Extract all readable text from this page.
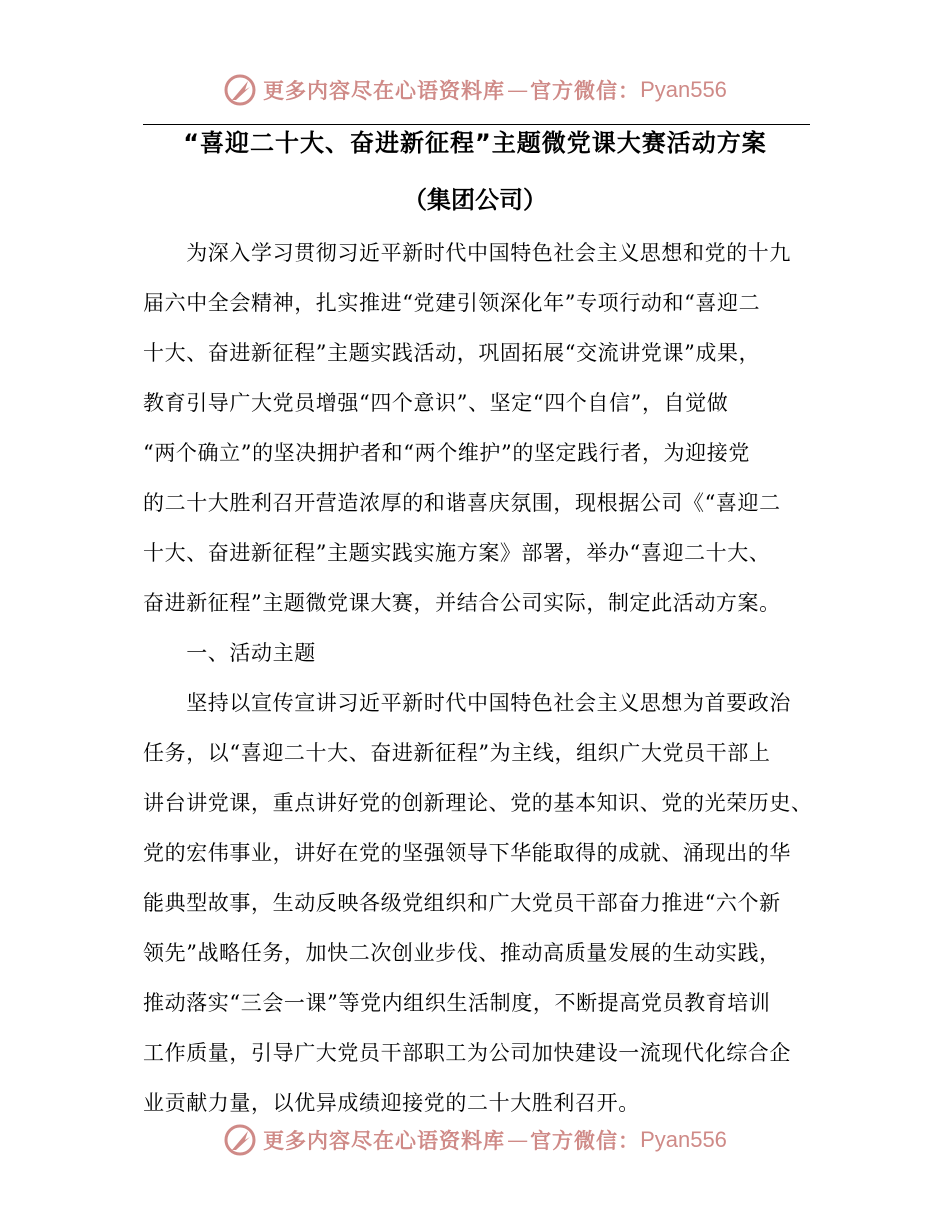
更多内容尽在心语资料库 — 官方微信： Pyan556
“喜迎二十大、奋进新征程”主题微党课大赛活动方案
（集团公司）
　　为深入学习贯彻习近平新时代中国特色社会主义思想和党的十九
届六中全会精神，扎实推进“党建引领深化年”专项行动和“喜迎二
十大、奋进新征程”主题实践活动，巩固拓展“交流讲党课”成果，
教育引导广大党员增强“四个意识”、坚定“四个自信”，自觉做
“两个确立”的坚决拥护者和“两个维护”的坚定践行者，为迎接党
的二十大胜利召开营造浓厚的和谐喜庆氛围，现根据公司《“喜迎二
十大、奋进新征程”主题实践实施方案》部署，举办“喜迎二十大、
奋进新征程”主题微党课大赛，并结合公司实际，制定此活动方案。
　　一、活动主题
　　坚持以宣传宣讲习近平新时代中国特色社会主义思想为首要政治
任务，以“喜迎二十大、奋进新征程”为主线，组织广大党员干部上
讲台讲党课，重点讲好党的创新理论、党的基本知识、党的光荣历史、
党的宏伟事业，讲好在党的坚强领导下华能取得的成就、涌现出的华
能典型故事，生动反映各级党组织和广大党员干部奋力推进“六个新
领先”战略任务，加快二次创业步伐、推动高质量发展的生动实践，
推动落实“三会一课”等党内组织生活制度，不断提高党员教育培训
工作质量，引导广大党员干部职工为公司加快建设一流现代化综合企
业贡献力量，以优异成绩迎接党的二十大胜利召开。
更多内容尽在心语资料库 — 官方微信： Pyan556
